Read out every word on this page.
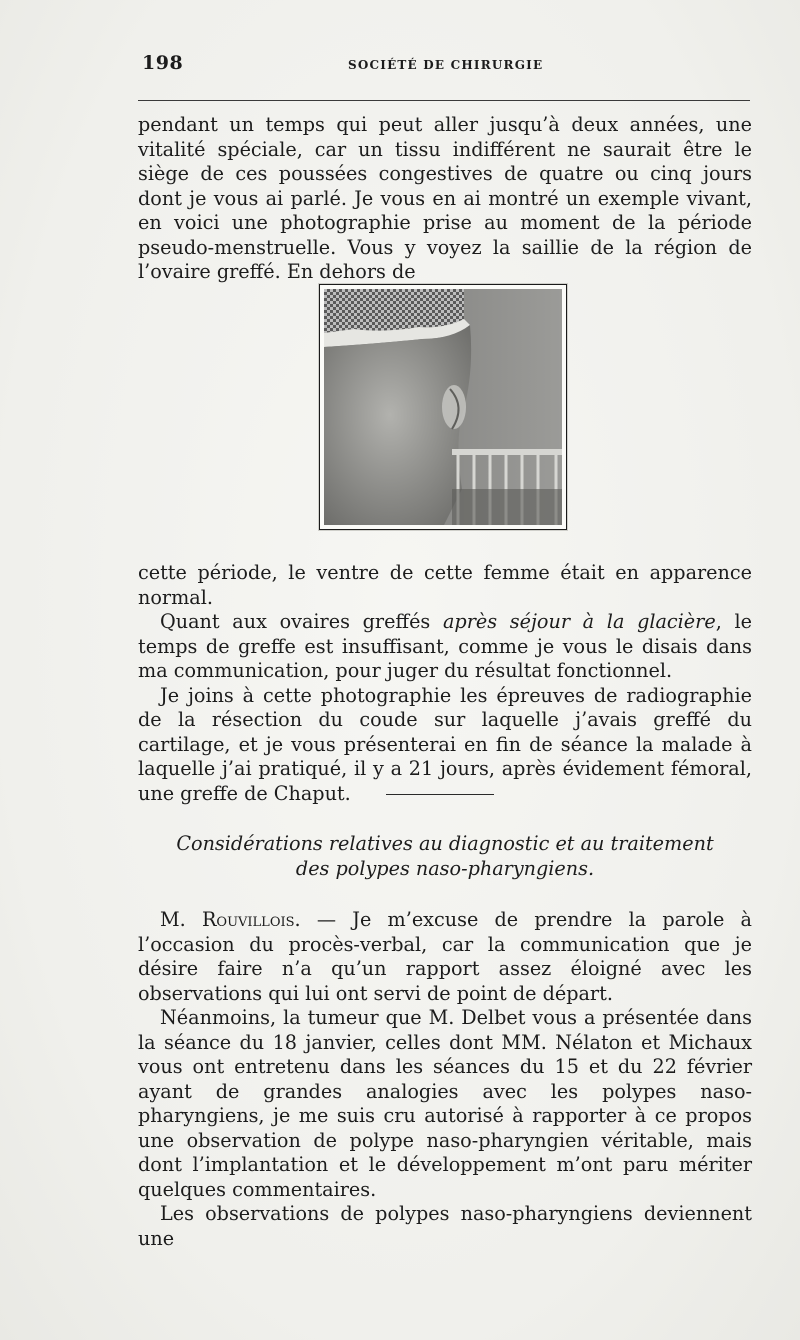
198	SOCIÉTÉ DE CHIRURGIE

pendant un temps qui peut aller jusqu’à deux années, une vitalité spéciale, car un tissu indifférent ne saurait être le siège de ces poussées congestives de quatre ou cinq jours dont je vous ai parlé. Je vous en ai montré un exemple vivant, en voici une photographie prise au moment de la période pseudo-menstruelle. Vous y voyez la saillie de la région de l’ovaire greffé. En dehors de

cette période, le ventre de cette femme était en apparence normal.

Quant aux ovaires greffés après séjour à la glacière, le temps de greffe est insuffisant, comme je vous le disais dans ma communication, pour juger du résultat fonctionnel.

Je joins à cette photographie les épreuves de radiographie de la résection du coude sur laquelle j’avais greffé du cartilage, et je vous présenterai en fin de séance la malade à laquelle j’ai pratiqué, il y a 21 jours, après évidement fémoral, une greffe de Chaput.

Considérations relatives au diagnostic et au traitement
des polypes naso-pharyngiens.

M. Rouvillois. — Je m’excuse de prendre la parole à l’occasion du procès-verbal, car la communication que je désire faire n’a qu’un rapport assez éloigné avec les observations qui lui ont servi de point de départ.

Néanmoins, la tumeur que M. Delbet vous a présentée dans la séance du 18 janvier, celles dont MM. Nélaton et Michaux vous ont entretenu dans les séances du 15 et du 22 février ayant de grandes analogies avec les polypes naso-pharyngiens, je me suis cru autorisé à rapporter à ce propos une observation de polype naso-pharyngien véritable, mais dont l’implantation et le développement m’ont paru mériter quelques commentaires.

Les observations de polypes naso-pharyngiens deviennent une
